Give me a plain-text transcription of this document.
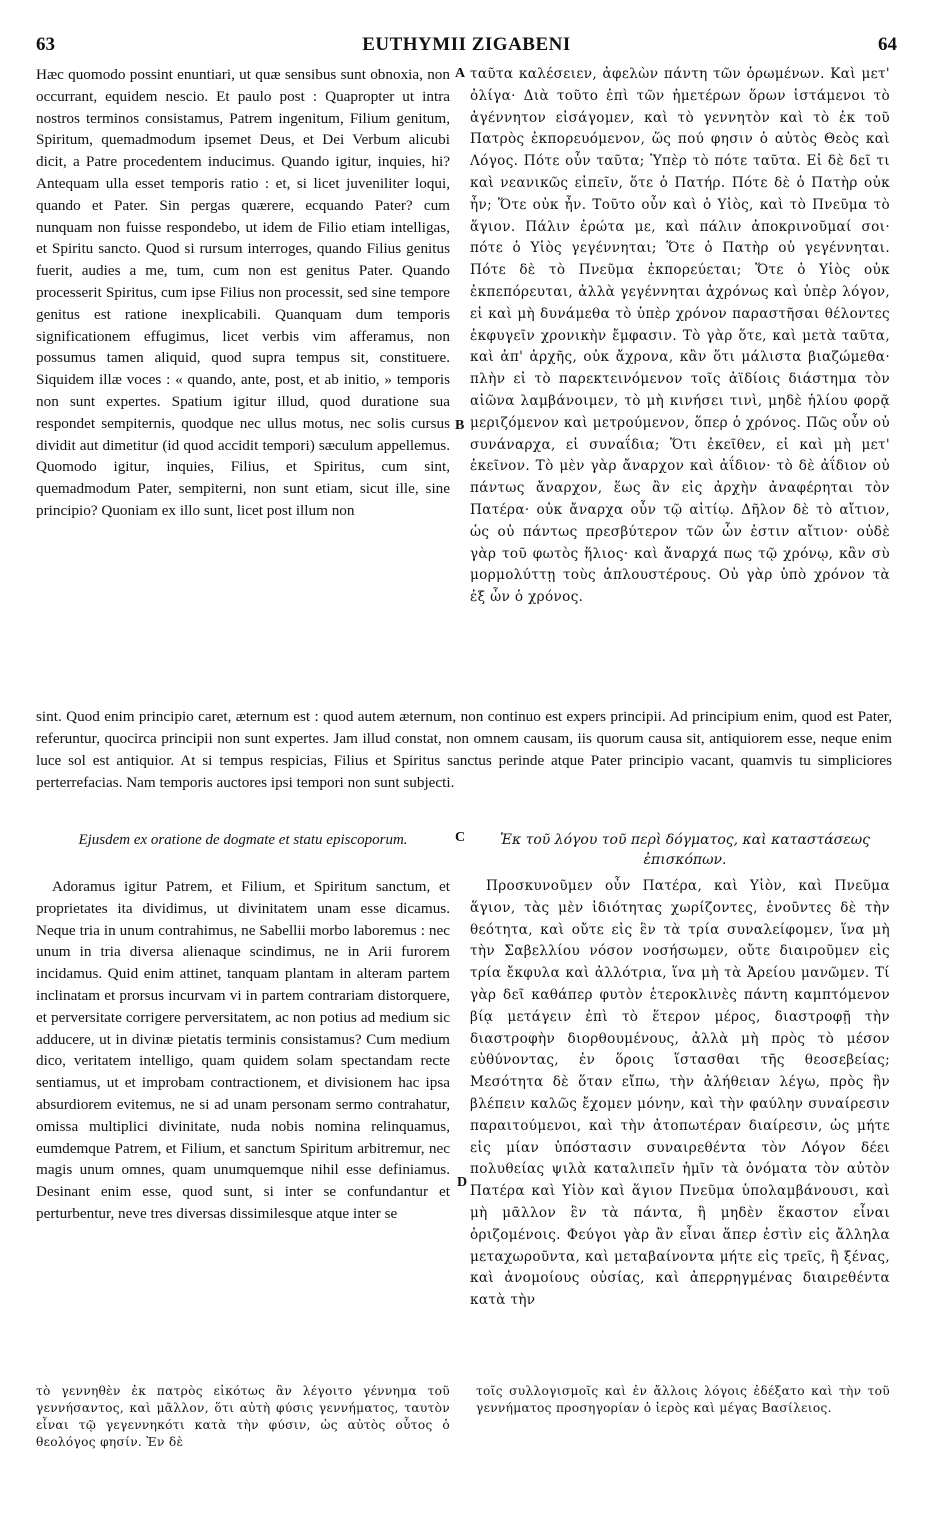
63	EUTHYMII ZIGABENI	64

Hæc quomodo possint enuntiari, ut quæ sensibus sunt obnoxia, non occurrant, equidem nescio. Et paulo post : Quapropter ut intra nostros terminos consistamus, Patrem ingenitum, Filium genitum, Spiritum, quemadmodum ipsemet Deus, et Dei Verbum alicubi dicit, a Patre procedentem inducimus. Quando igitur, inquies, hi? Antequam ulla esset temporis ratio : et, si licet juveniliter loqui, quando et Pater. Sin pergas quærere, ecquando Pater? cum nunquam non fuisse respondebo, ut idem de Filio etiam intelligas, et Spiritu sancto. Quod si rursum interroges, quando Filius genitus fuerit, audies a me, tum, cum non est genitus Pater. Quando processerit Spiritus, cum ipse Filius non processit, sed sine tempore genitus est ratione inexplicabili. Quanquam dum temporis significationem effugimus, licet verbis vim afferamus, non possumus tamen aliquid, quod supra tempus sit, constituere. Siquidem illæ voces : « quando, ante, post, et ab initio, » temporis non sunt expertes. Spatium igitur illud, quod duratione sua respondet sempiternis, quodque nec ullus motus, nec solis cursus dividit aut dimetitur (id quod accidit tempori) sæculum appellemus. Quomodo igitur, inquies, Filius, et Spiritus, cum sint, quemadmodum Pater, sempiterni, non sunt etiam, sicut ille, sine principio? Quoniam ex illo sunt, licet post illum non

ταῦτα καλέσειεν, ἀφελὼν πάντη τῶν ὁρωμένων. Καὶ μετ' ὀλίγα· Διὰ τοῦτο ἐπὶ τῶν ἡμετέρων ὅρων ἱστάμενοι τὸ ἀγέννητον εἰσάγομεν, καὶ τὸ γεννητὸν καὶ τὸ ἐκ τοῦ Πατρὸς ἐκπορευόμενον, ὥς πού φησιν ὁ αὐτὸς Θεὸς καὶ Λόγος. Πότε οὖν ταῦτα; Ὑπὲρ τὸ πότε ταῦτα. Εἰ δὲ δεῖ τι καὶ νεανικῶς εἰπεῖν, ὅτε ὁ Πατήρ. Πότε δὲ ὁ Πατὴρ οὐκ ἦν; Ὅτε οὐκ ἦν. Τοῦτο οὖν καὶ ὁ Υἱὸς, καὶ τὸ Πνεῦμα τὸ ἅγιον. Πάλιν ἐρώτα με, καὶ πάλιν ἀποκρινοῦμαί σοι· πότε ὁ Υἱὸς γεγέννηται; Ὅτε ὁ Πατὴρ οὐ γεγέννηται. Πότε δὲ τὸ Πνεῦμα ἐκπορεύεται; Ὅτε ὁ Υἱὸς οὐκ ἐκπεπόρευται, ἀλλὰ γεγέννηται ἀχρόνως καὶ ὑπὲρ λόγον, εἰ καὶ μὴ δυνάμεθα τὸ ὑπὲρ χρόνον παραστῆσαι θέλοντες ἐκφυγεῖν χρονικὴν ἔμφασιν. Τὸ γὰρ ὅτε, καὶ μετὰ ταῦτα, καὶ ἀπ' ἀρχῆς, οὐκ ἄχρονα, κἂν ὅτι μάλιστα βιαζώμεθα· πλὴν εἰ τὸ παρεκτεινόμενον τοῖς ἀϊδίοις διάστημα τὸν αἰῶνα λαμβάνοιμεν, τὸ μὴ κινήσει τινὶ, μηδὲ ἡλίου φορᾷ μεριζόμενον καὶ μετρούμενον, ὅπερ ὁ χρόνος. Πῶς οὖν οὐ συνάναρχα, εἰ συναΐδια; Ὅτι ἐκεῖθεν, εἰ καὶ μὴ μετ' ἐκεῖνον. Τὸ μὲν γὰρ ἄναρχον καὶ ἀΐδιον· τὸ δὲ ἀΐδιον οὐ πάντως ἄναρχον, ἕως ἂν εἰς ἀρχὴν ἀναφέρηται τὸν Πατέρα· οὐκ ἄναρχα οὖν τῷ αἰτίῳ. Δῆλον δὲ τὸ αἴτιον, ὡς οὐ πάντως πρεσβύτερον τῶν ὧν ἐστιν αἴτιον· οὐδὲ γὰρ τοῦ φωτὸς ἥλιος· καὶ ἄναρχά πως τῷ χρόνῳ, κἂν σὺ μορμολύττῃ τοὺς ἁπλουστέρους. Οὐ γὰρ ὑπὸ χρόνον τὰ ἐξ ὧν ὁ χρόνος.

A
B

sint. Quod enim principio caret, æternum est : quod autem æternum, non continuo est expers principii. Ad principium enim, quod est Pater, referuntur, quocirca principii non sunt expertes. Jam illud constat, non omnem causam, iis quorum causa sit, antiquiorem esse, neque enim luce sol est antiquior. At si tempus respicias, Filius et Spiritus sanctus perinde atque Pater principio vacant, quamvis tu simpliciores perterrefacias. Nam temporis auctores ipsi tempori non sunt subjecti.

Ejusdem ex oratione de dogmate et statu episcoporum.	C	Ἐκ τοῦ λόγου τοῦ περὶ δόγματος, καὶ καταστάσεως ἐπισκόπων.

Adoramus igitur Patrem, et Filium, et Spiritum sanctum, et proprietates ita dividimus, ut divinitatem unam esse dicamus. Neque tria in unum contrahimus, ne Sabellii morbo laboremus : nec unum in tria diversa alienaque scindimus, ne in Arii furorem incidamus. Quid enim attinet, tanquam plantam in alteram partem inclinatam et prorsus incurvam vi in partem contrariam distorquere, et perversitate corrigere perversitatem, ac non potius ad medium sic adducere, ut in divinæ pietatis terminis consistamus? Cum medium dico, veritatem intelligo, quam quidem solam spectandam recte sentiamus, ut et improbam contractionem, et divisionem hac ipsa absurdiorem evitemus, ne si ad unam personam sermo contrahatur, omissa multiplici divinitate, nuda nobis nomina relinquamus, eumdemque Patrem, et Filium, et sanctum Spiritum arbitremur, nec magis unum omnes, quam unumquemque nihil esse definiamus. Desinant enim esse, quod sunt, si inter se confundantur et perturbentur, neve tres diversas dissimilesque atque inter se

Προσκυνοῦμεν οὖν Πατέρα, καὶ Υἱὸν, καὶ Πνεῦμα ἅγιον, τὰς μὲν ἰδιότητας χωρίζοντες, ἑνοῦντες δὲ τὴν θεότητα, καὶ οὔτε εἰς ἓν τὰ τρία συναλείφομεν, ἵνα μὴ τὴν Σαβελλίου νόσον νοσήσωμεν, οὔτε διαιροῦμεν εἰς τρία ἔκφυλα καὶ ἀλλότρια, ἵνα μὴ τὰ Ἀρείου μανῶμεν. Τί γὰρ δεῖ καθάπερ φυτὸν ἑτεροκλινὲς πάντη καμπτόμενον βίᾳ μετάγειν ἐπὶ τὸ ἕτερον μέρος, διαστροφῇ τὴν διαστροφὴν διορθουμένους, ἀλλὰ μὴ πρὸς τὸ μέσον εὐθύνοντας, ἐν ὅροις ἵστασθαι τῆς θεοσεβείας; Μεσότητα δὲ ὅταν εἴπω, τὴν ἀλήθειαν λέγω, πρὸς ἣν βλέπειν καλῶς ἔχομεν μόνην, καὶ τὴν φαύλην συναίρεσιν παραιτούμενοι, καὶ τὴν ἀτοπωτέραν διαίρεσιν, ὡς μήτε εἰς μίαν ὑπόστασιν συναιρεθέντα τὸν Λόγον δέει πολυθείας ψιλὰ καταλιπεῖν ἡμῖν τὰ ὀνόματα τὸν αὐτὸν Πατέρα καὶ Υἱὸν καὶ ἅγιον Πνεῦμα ὑπολαμβάνουσι, καὶ μὴ μᾶλλον ἓν τὰ πάντα, ἢ μηδὲν ἕκαστον εἶναι ὁριζομένοις. Φεύγοι γὰρ ἂν εἶναι ἅπερ ἐστὶν εἰς ἄλληλα μεταχωροῦντα, καὶ μεταβαίνοντα μήτε εἰς τρεῖς, ἢ ξένας, καὶ ἀνομοίους οὐσίας, καὶ ἀπερρηγμένας διαιρεθέντα κατὰ τὴν

D

τὸ γεννηθὲν ἐκ πατρὸς εἰκότως ἂν λέγοιτο γέννημα τοῦ γεννήσαντος, καὶ μᾶλλον, ὅτι αὐτὴ φύσις γεννήματος, ταυτὸν εἶναι τῷ γεγεννηκότι κατὰ τὴν φύσιν, ὡς αὐτὸς οὗτος ὁ θεολόγος φησίν. Ἐν δὲ

τοῖς συλλογισμοῖς καὶ ἐν ἄλλοις λόγοις ἐδέξατο καὶ τὴν τοῦ γεννήματος προσηγορίαν ὁ ἱερὸς καὶ μέγας Βασίλειος.
